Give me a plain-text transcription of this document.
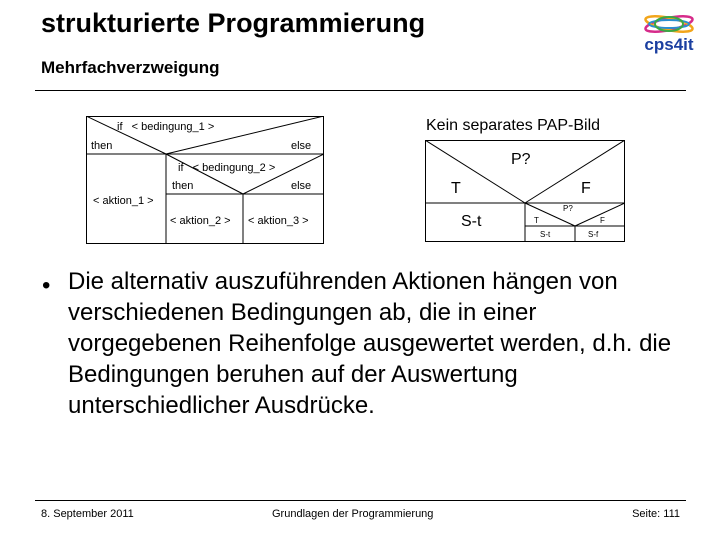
strukturierte Programmierung
Mehrfachverzweigung
cps4it
if   < bedingung_1 >
then	else
if   < bedingung_2 >
then	else
< aktion_1 >
< aktion_2 > < aktion_3 >
Kein separates PAP-Bild
P?
T	F
S-t
P?
T	F
S-t	S-f
• Die alternativ auszuführenden Aktionen hängen von verschiedenen Bedingungen ab, die in einer vorgegebenen Reihenfolge ausgewertet werden, d.h. die Bedingungen beruhen auf der Auswertung unterschiedlicher Ausdrücke.
8. September 2011	Grundlagen der Programmierung	Seite: 111
